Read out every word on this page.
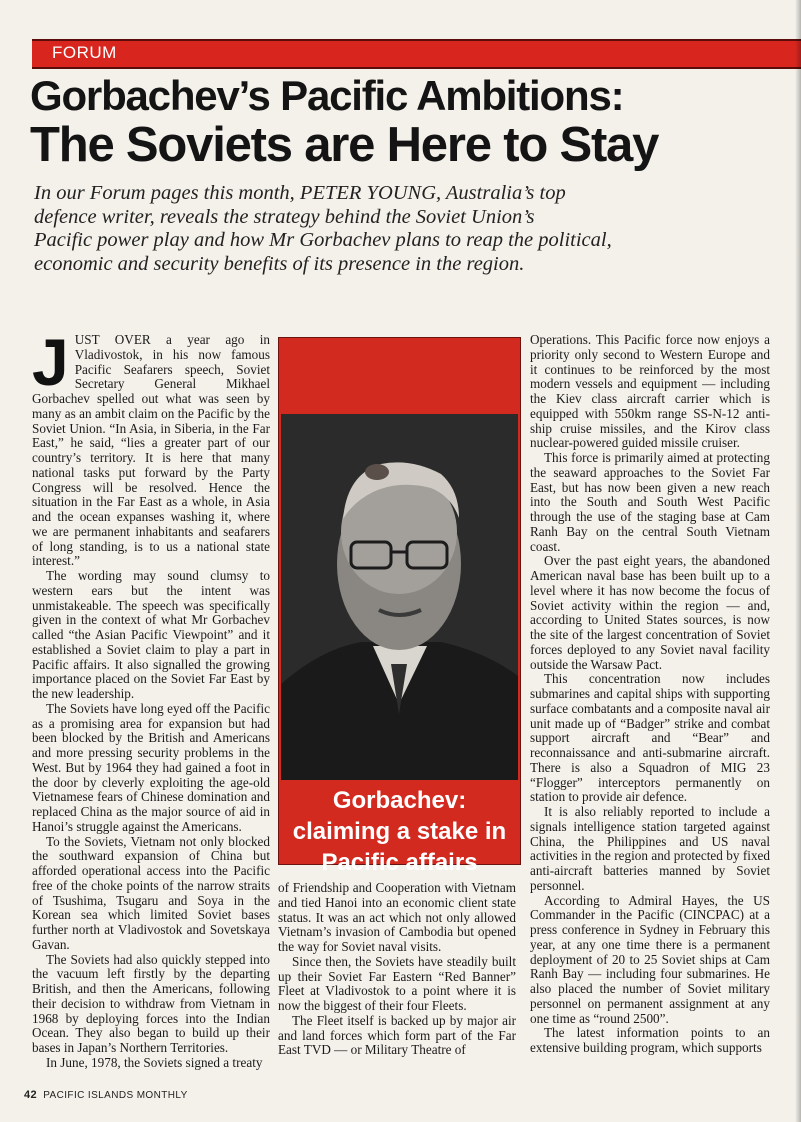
FORUM
Gorbachev’s Pacific Ambitions:
The Soviets are Here to Stay
In our Forum pages this month, PETER YOUNG, Australia’s top
defence writer, reveals the strategy behind the Soviet Union’s
Pacific power play and how Mr Gorbachev plans to reap the political,
economic and security benefits of its presence in the region.

JUST OVER a year ago in Vladivostok, in his now famous Pacific Seafarers speech, Soviet Secretary General Mikhael Gorbachev spelled out what was seen by many as an ambit claim on the Pacific by the Soviet Union. “In Asia, in Siberia, in the Far East,” he said, “lies a greater part of our country’s territory. It is here that many national tasks put forward by the Party Congress will be resolved. Hence the situation in the Far East as a whole, in Asia and the ocean expanses washing it, where we are permanent inhabitants and seafarers of long standing, is to us a national state interest.”

The wording may sound clumsy to western ears but the intent was unmistakeable. The speech was specifically given in the context of what Mr Gorbachev called “the Asian Pacific Viewpoint” and it established a Soviet claim to play a part in Pacific affairs. It also signalled the growing importance placed on the Soviet Far East by the new leadership.

The Soviets have long eyed off the Pacific as a promising area for expansion but had been blocked by the British and Americans and more pressing security problems in the West. But by 1964 they had gained a foot in the door by cleverly exploiting the age-old Vietnamese fears of Chinese domination and replaced China as the major source of aid in Hanoi’s struggle against the Americans.

To the Soviets, Vietnam not only blocked the southward expansion of China but afforded operational access into the Pacific free of the choke points of the narrow straits of Tsushima, Tsugaru and Soya in the Korean sea which limited Soviet bases further north at Vladivostok and Sovetskaya Gavan.

The Soviets had also quickly stepped into the vacuum left firstly by the departing British, and then the Americans, following their decision to withdraw from Vietnam in 1968 by deploying forces into the Indian Ocean. They also began to build up their bases in Japan’s Northern Territories.

In June, 1978, the Soviets signed a treaty

Gorbachev:
claiming a stake in
Pacific affairs

of Friendship and Cooperation with Vietnam and tied Hanoi into an economic client state status. It was an act which not only allowed Vietnam’s invasion of Cambodia but opened the way for Soviet naval visits.

Since then, the Soviets have steadily built up their Soviet Far Eastern “Red Banner” Fleet at Vladivostok to a point where it is now the biggest of their four Fleets.

The Fleet itself is backed up by major air and land forces which form part of the Far East TVD — or Military Theatre of

Operations. This Pacific force now enjoys a priority only second to Western Europe and it continues to be reinforced by the most modern vessels and equipment — including the Kiev class aircraft carrier which is equipped with 550km range SS-N-12 anti-ship cruise missiles, and the Kirov class nuclear-powered guided missile cruiser.

This force is primarily aimed at protecting the seaward approaches to the Soviet Far East, but has now been given a new reach into the South and South West Pacific through the use of the staging base at Cam Ranh Bay on the central South Vietnam coast.

Over the past eight years, the abandoned American naval base has been built up to a level where it has now become the focus of Soviet activity within the region — and, according to United States sources, is now the site of the largest concentration of Soviet forces deployed to any Soviet naval facility outside the Warsaw Pact.

This concentration now includes submarines and capital ships with supporting surface combatants and a composite naval air unit made up of “Badger” strike and combat support aircraft and “Bear” and reconnaissance and anti-submarine aircraft. There is also a Squadron of MIG 23 “Flogger” interceptors permanently on station to provide air defence.

It is also reliably reported to include a signals intelligence station targeted against China, the Philippines and US naval activities in the region and protected by fixed anti-aircraft batteries manned by Soviet personnel.

According to Admiral Hayes, the US Commander in the Pacific (CINCPAC) at a press conference in Sydney in February this year, at any one time there is a permanent deployment of 20 to 25 Soviet ships at Cam Ranh Bay — including four submarines. He also placed the number of Soviet military personnel on permanent assignment at any one time as “round 2500”.

The latest information points to an extensive building program, which supports

42 PACIFIC ISLANDS MONTHLY
